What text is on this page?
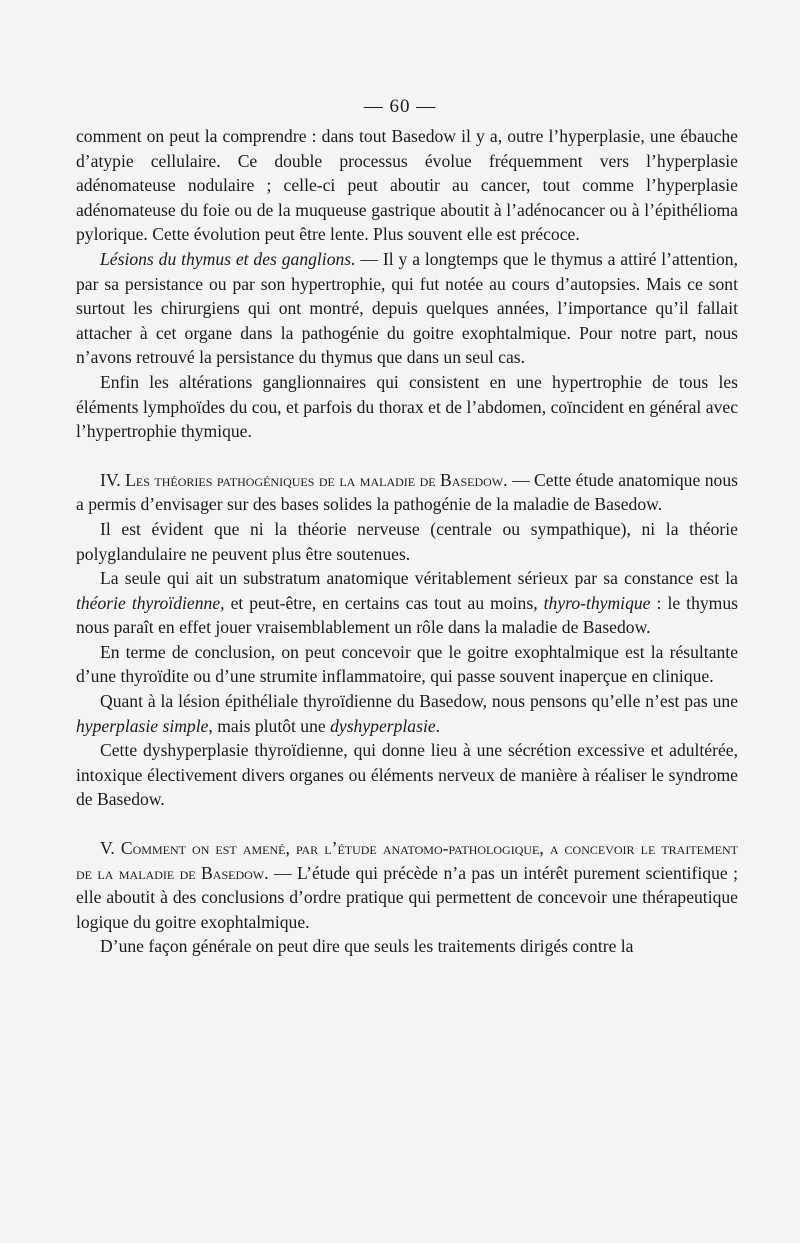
— 60 —

comment on peut la comprendre : dans tout Basedow il y a, outre l’hyperplasie, une ébauche d’atypie cellulaire. Ce double processus évolue fréquemment vers l’hyperplasie adénomateuse nodulaire ; celle-ci peut aboutir au cancer, tout comme l’hyperplasie adénomateuse du foie ou de la muqueuse gastrique aboutit à l’adénocancer ou à l’épithélioma pylorique. Cette évolution peut être lente. Plus souvent elle est précoce.

Lésions du thymus et des ganglions. — Il y a longtemps que le thymus a attiré l’attention, par sa persistance ou par son hypertrophie, qui fut notée au cours d’autopsies. Mais ce sont surtout les chirurgiens qui ont montré, depuis quelques années, l’importance qu’il fallait attacher à cet organe dans la pathogénie du goitre exophtalmique. Pour notre part, nous n’avons retrouvé la persistance du thymus que dans un seul cas.

Enfin les altérations ganglionnaires qui consistent en une hypertrophie de tous les éléments lymphoïdes du cou, et parfois du thorax et de l’abdomen, coïncident en général avec l’hypertrophie thymique.

IV. Les théories pathogéniques de la maladie de Basedow. — Cette étude anatomique nous a permis d’envisager sur des bases solides la pathogénie de la maladie de Basedow.

Il est évident que ni la théorie nerveuse (centrale ou sympathique), ni la théorie polyglandulaire ne peuvent plus être soutenues.

La seule qui ait un substratum anatomique véritablement sérieux par sa constance est la théorie thyroïdienne, et peut-être, en certains cas tout au moins, thyro-thymique : le thymus nous paraît en effet jouer vraisemblablement un rôle dans la maladie de Basedow.

En terme de conclusion, on peut concevoir que le goitre exophtalmique est la résultante d’une thyroïdite ou d’une strumite inflammatoire, qui passe souvent inaperçue en clinique.

Quant à la lésion épithéliale thyroïdienne du Basedow, nous pensons qu’elle n’est pas une hyperplasie simple, mais plutôt une dyshyperplasie.

Cette dyshyperplasie thyroïdienne, qui donne lieu à une sécrétion excessive et adultérée, intoxique électivement divers organes ou éléments nerveux de manière à réaliser le syndrome de Basedow.

V. Comment on est amené, par l’étude anatomo-pathologique, a concevoir le traitement de la maladie de Basedow. — L’étude qui précède n’a pas un intérêt purement scientifique ; elle aboutit à des conclusions d’ordre pratique qui permettent de concevoir une thérapeutique logique du goitre exophtalmique.

D’une façon générale on peut dire que seuls les traitements dirigés contre la
